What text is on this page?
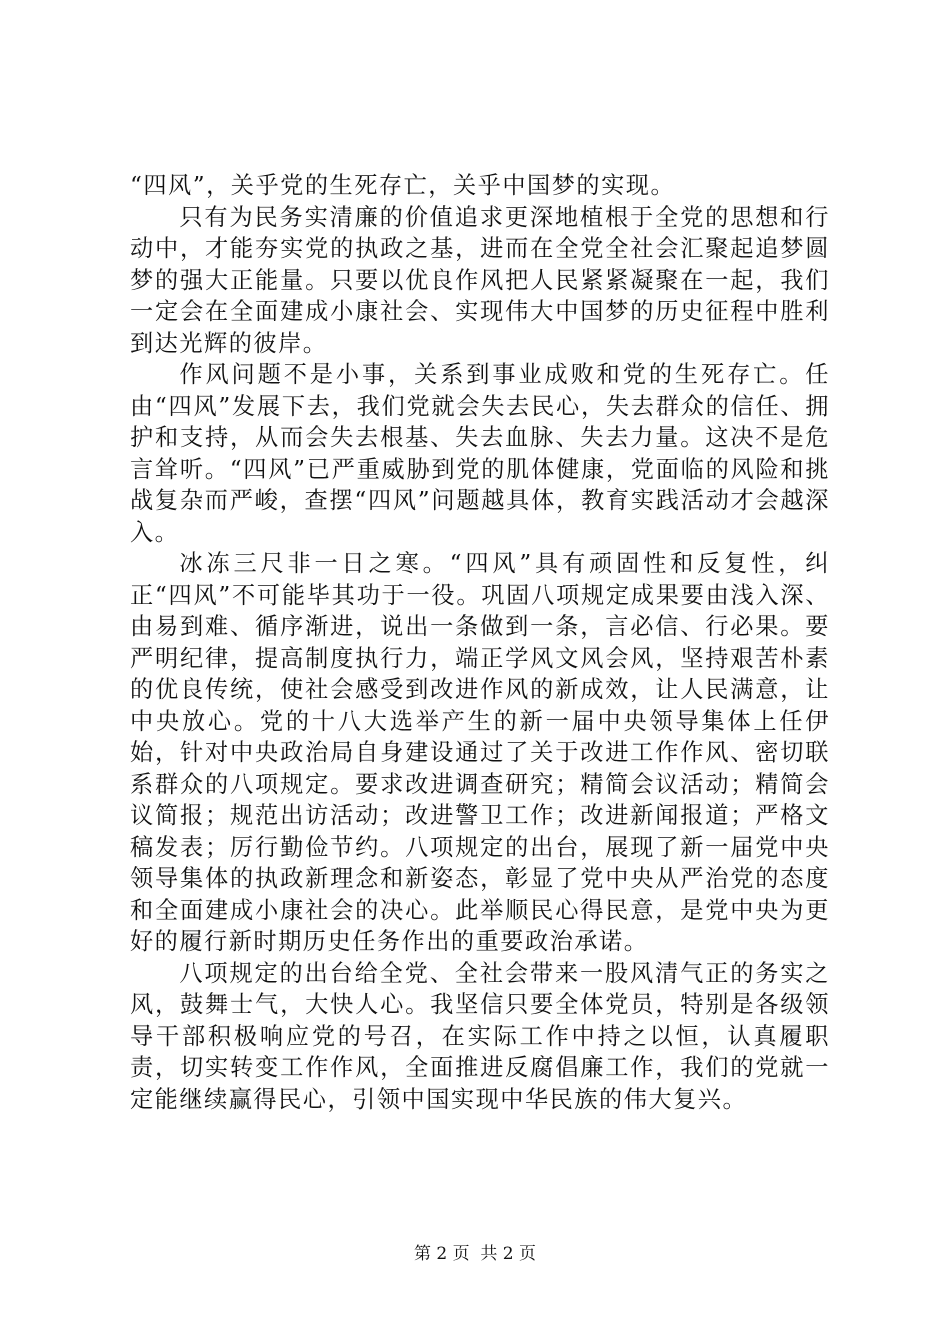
“四风”，关乎党的生死存亡，关乎中国梦的实现。

只有为民务实清廉的价值追求更深地植根于全党的思想和行动中，才能夯实党的执政之基，进而在全党全社会汇聚起追梦圆梦的强大正能量。只要以优良作风把人民紧紧凝聚在一起，我们一定会在全面建成小康社会、实现伟大中国梦的历史征程中胜利到达光辉的彼岸。

作风问题不是小事，关系到事业成败和党的生死存亡。任由“四风”发展下去，我们党就会失去民心，失去群众的信任、拥护和支持，从而会失去根基、失去血脉、失去力量。这决不是危言耸听。“四风”已严重威胁到党的肌体健康，党面临的风险和挑战复杂而严峻，查摆“四风”问题越具体，教育实践活动才会越深入。

冰冻三尺非一日之寒。“四风”具有顽固性和反复性，纠正“四风”不可能毕其功于一役。巩固八项规定成果要由浅入深、由易到难、循序渐进，说出一条做到一条，言必信、行必果。要严明纪律，提高制度执行力，端正学风文风会风，坚持艰苦朴素的优良传统，使社会感受到改进作风的新成效，让人民满意，让中央放心。党的十八大选举产生的新一届中央领导集体上任伊始，针对中央政治局自身建设通过了关于改进工作作风、密切联系群众的八项规定。要求改进调查研究；精简会议活动；精简会议简报；规范出访活动；改进警卫工作；改进新闻报道；严格文稿发表；厉行勤俭节约。八项规定的出台，展现了新一届党中央领导集体的执政新理念和新姿态，彰显了党中央从严治党的态度和全面建成小康社会的决心。此举顺民心得民意，是党中央为更好的履行新时期历史任务作出的重要政治承诺。

八项规定的出台给全党、全社会带来一股风清气正的务实之风，鼓舞士气，大快人心。我坚信只要全体党员，特别是各级领导干部积极响应党的号召，在实际工作中持之以恒，认真履职责，切实转变工作作风，全面推进反腐倡廉工作，我们的党就一定能继续赢得民心，引领中国实现中华民族的伟大复兴。

第 2 页  共 2 页
